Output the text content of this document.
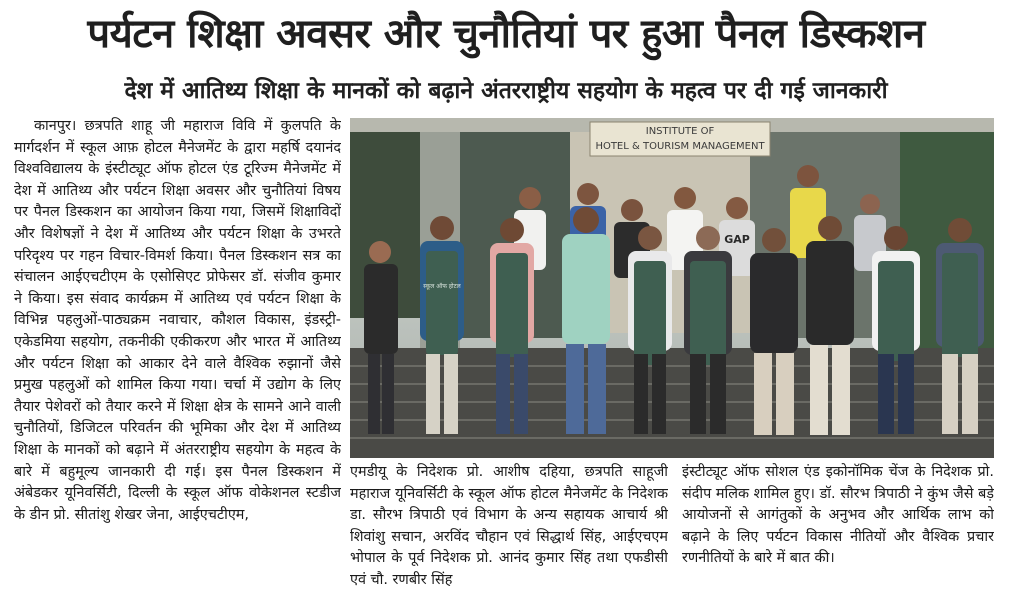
पर्यटन शिक्षा अवसर और चुनौतियां पर हुआ पैनल डिस्कशन
देश में आतिथ्य शिक्षा के मानकों को बढ़ाने अंतरराष्ट्रीय सहयोग के महत्व पर दी गई जानकारी

कानपुर। छत्रपति शाहू जी महाराज विवि में कुलपति के मार्गदर्शन में स्कूल आफ़ होटल मैनेजमेंट के द्वारा महर्षि दयानंद विश्वविद्यालय के इंस्टीट्यूट ऑफ होटल एंड टूरिज्म मैनेजमेंट में देश में आतिथ्य और पर्यटन शिक्षा अवसर और चुनौतियां विषय पर पैनल डिस्कशन का आयोजन किया गया, जिसमें शिक्षाविदों और विशेषज्ञों ने देश में आतिथ्य और पर्यटन शिक्षा के उभरते परिदृश्य पर गहन विचार-विमर्श किया। पैनल डिस्कशन सत्र का संचालन आईएचटीएम के एसोसिएट प्रोफेसर डॉ. संजीव कुमार ने किया। इस संवाद कार्यक्रम में आतिथ्य एवं पर्यटन शिक्षा के विभिन्न पहलुओं-पाठ्यक्रम नवाचार, कौशल विकास, इंडस्ट्री-एकेडमिया सहयोग, तकनीकी एकीकरण और भारत में आतिथ्य और पर्यटन शिक्षा को आकार देने वाले वैश्विक रुझानों जैसे प्रमुख पहलुओं को शामिल किया गया। चर्चा में उद्योग के लिए तैयार पेशेवरों को तैयार करने में शिक्षा क्षेत्र के सामने आने वाली चुनौतियों, डिजिटल परिवर्तन की भूमिका और देश में आतिथ्य शिक्षा के मानकों को बढ़ाने में अंतरराष्ट्रीय सहयोग के महत्व के बारे में बहुमूल्य जानकारी दी गई। इस पैनल डिस्कशन में अंबेडकर यूनिवर्सिटी, दिल्ली के स्कूल ऑफ वोकेशनल स्टडीज के डीन प्रो. सीतांशु शेखर जेना, आईएचटीएम,

INSTITUTE OF
HOTEL & TOURISM MANAGEMENT
GAP
स्कूल ऑफ होटल

एमडीयू के निदेशक प्रो. आशीष दहिया, छत्रपति साहूजी महाराज यूनिवर्सिटी के स्कूल ऑफ होटल मैनेजमेंट के निदेशक डा. सौरभ त्रिपाठी एवं विभाग के अन्य सहायक आचार्य श्री शिवांशु सचान, अरविंद चौहान एवं सिद्धार्थ सिंह, आईएचएम भोपाल के पूर्व निदेशक प्रो. आनंद कुमार सिंह तथा एफडीसी एवं चौ. रणबीर सिंह

इंस्टीट्यूट ऑफ सोशल एंड इकोनॉमिक चेंज के निदेशक प्रो. संदीप मलिक शामिल हुए। डॉ. सौरभ त्रिपाठी ने कुंभ जैसे बड़े आयोजनों से आगंतुकों के अनुभव और आर्थिक लाभ को बढ़ाने के लिए पर्यटन विकास नीतियों और वैश्विक प्रचार रणनीतियों के बारे में बात की।
